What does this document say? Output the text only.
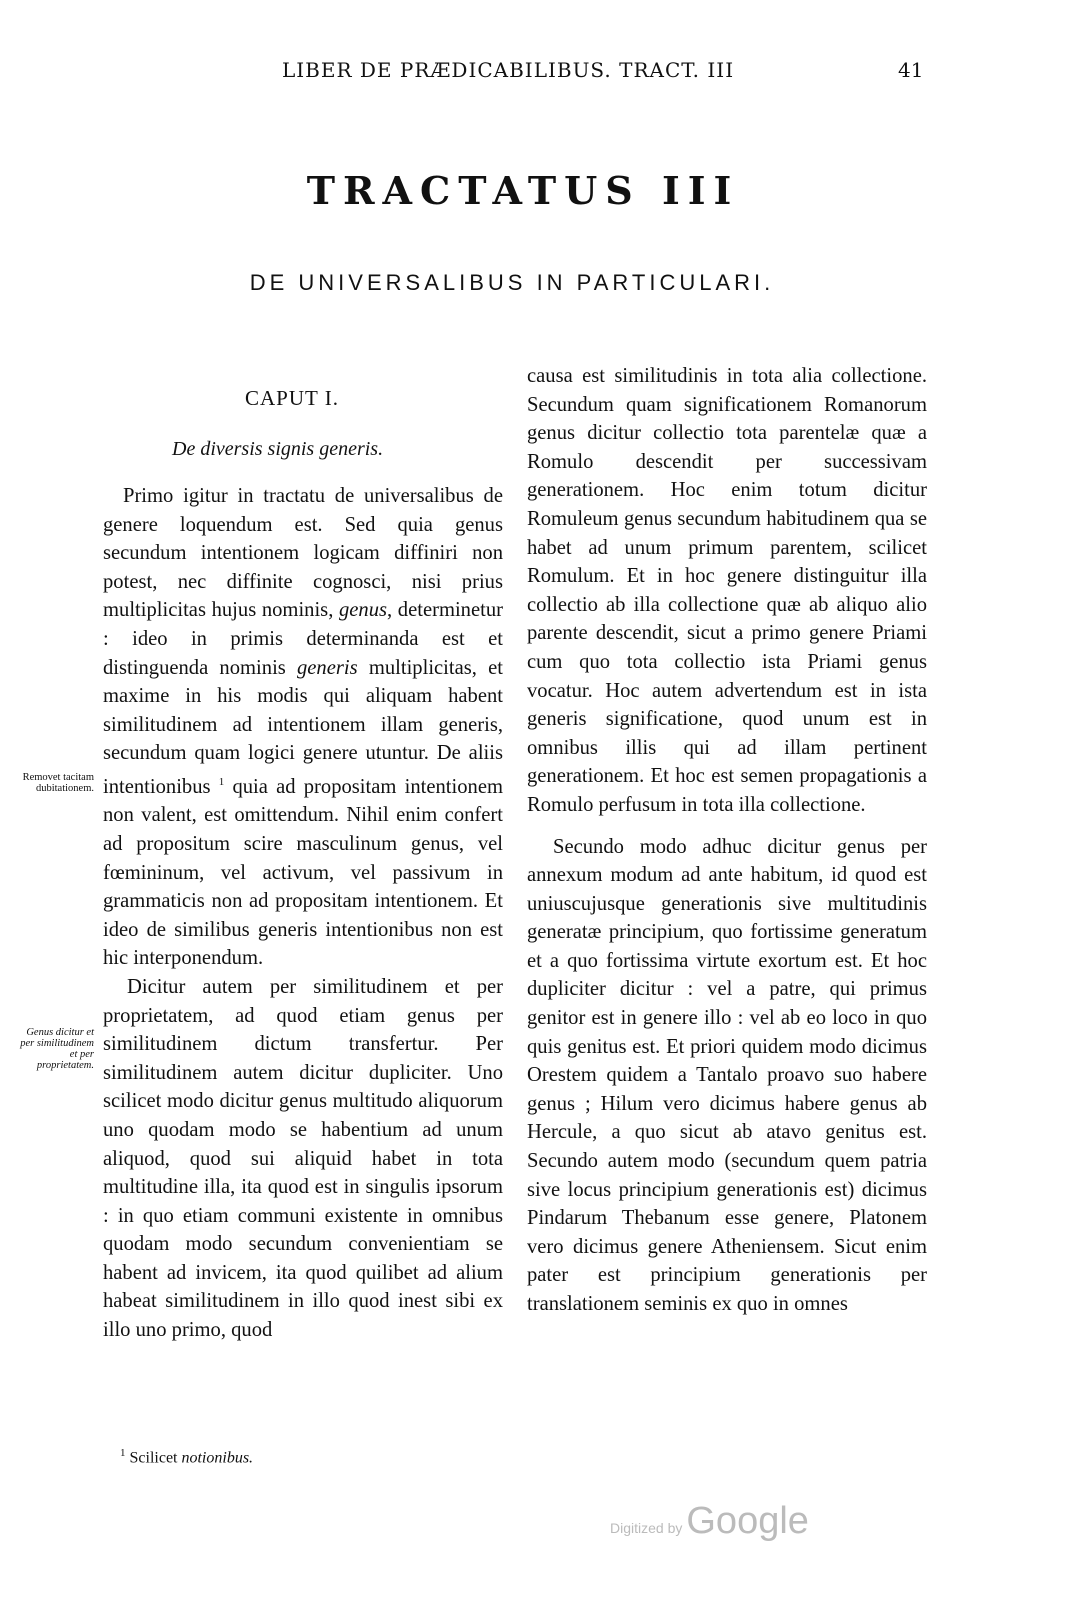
LIBER DE PRÆDICABILIBUS. TRACT. III	41
TRACTATUS III
DE UNIVERSALIBUS IN PARTICULARI.
CAPUT I.
De diversis signis generis.

Primo igitur in tractatu de universalibus de genere loquendum est. Sed quia genus secundum intentionem logicam diffiniri non potest, nec diffinite cognosci, nisi prius multiplicitas hujus nominis, genus, determinetur : ideo in primis determinanda est et distinguenda nominis generis multiplicitas, et maxime in his modis qui aliquam habent similitudinem ad intentionem illam generis, secundum quam logici genere utuntur. De aliis intentionibus $^1$ quia ad propositam intentionem non valent, est omittendum. Nihil enim confert ad propositum scire masculinum genus, vel fœmininum, vel activum, vel passivum in grammaticis non ad propositam intentionem. Et ideo de similibus generis intentionibus non est hic interponendum.

Dicitur autem per similitudinem et per proprietatem, ad quod etiam genus per similitudinem dictum transfertur. Per similitudinem autem dicitur dupliciter. Uno scilicet modo dicitur genus multitudo aliquorum uno quodam modo se habentium ad unum aliquod, quod sui aliquid habet in tota multitudine illa, ita quod est in singulis ipsorum : in quo etiam communi existente in omnibus quodam modo secundum convenientiam se habent ad invicem, ita quod quilibet ad alium habeat similitudinem in illo quod inest sibi ex illo uno primo, quod

causa est similitudinis in tota alia collectione. Secundum quam significationem Romanorum genus dicitur collectio tota parentelæ quæ a Romulo descendit per successivam generationem. Hoc enim totum dicitur Romuleum genus secundum habitudinem qua se habet ad unum primum parentem, scilicet Romulum. Et in hoc genere distinguitur illa collectio ab illa collectione quæ ab aliquo alio parente descendit, sicut a primo genere Priami cum quo tota collectio ista Priami genus vocatur. Hoc autem advertendum est in ista generis significatione, quod unum est in omnibus illis qui ad illam pertinent generationem. Et hoc est semen propagationis a Romulo perfusum in tota illa collectione.

Secundo modo adhuc dicitur genus per annexum modum ad ante habitum, id quod est uniuscujusque generationis sive multitudinis generatæ principium, quo fortissime generatum et a quo fortissima virtute exortum est. Et hoc dupliciter dicitur : vel a patre, qui primus genitor est in genere illo : vel ab eo loco in quo quis genitus est. Et priori quidem modo dicimus Orestem quidem a Tantalo proavo suo habere genus ; Hilum vero dicimus habere genus ab Hercule, a quo sicut ab atavo genitus est. Secundo autem modo (secundum quem patria sive locus principium generationis est) dicimus Pindarum Thebanum esse genere, Platonem vero dicimus genere Atheniensem. Sicut enim pater est principium generationis per translationem seminis ex quo in omnes

Removet tacitam dubitationem.
Genus dicitur et per similitudinem et per proprietatem.
$^1$ Scilicet notionibus.
Digitized by Google
